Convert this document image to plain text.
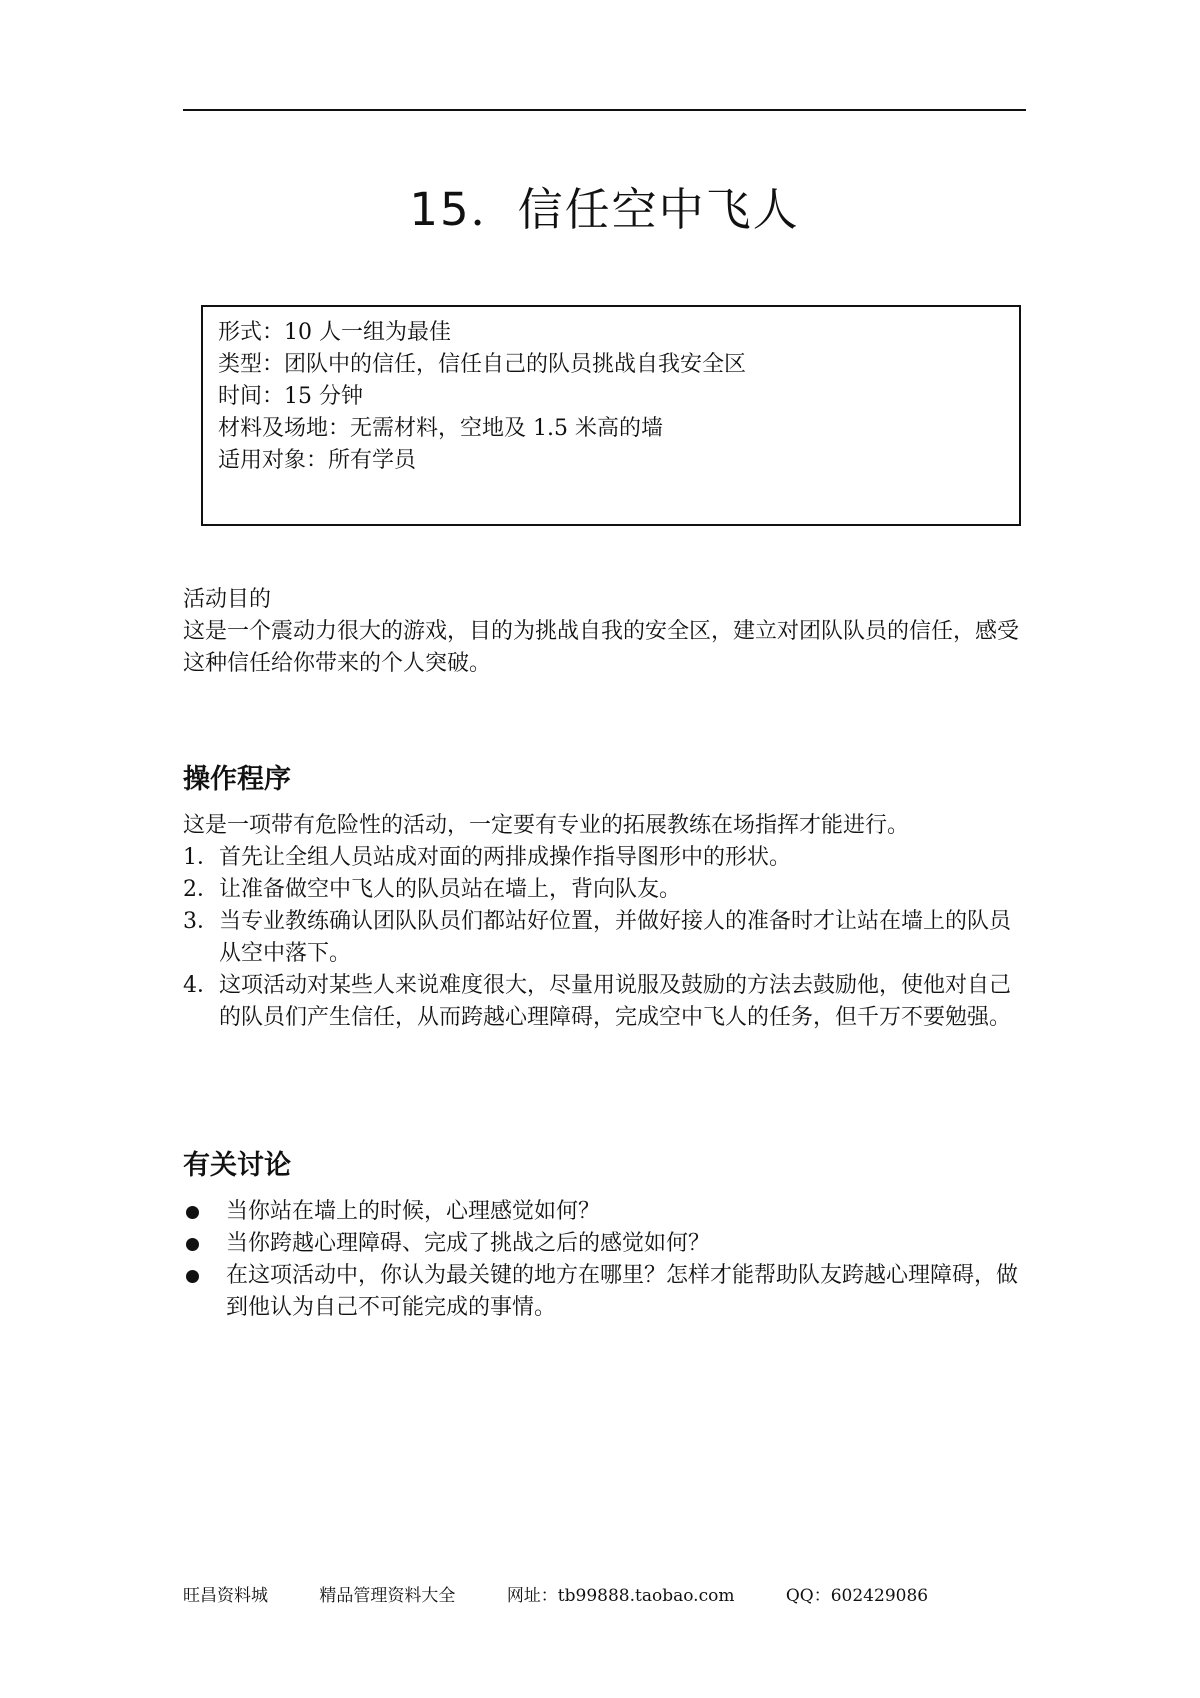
15．信任空中飞人
形式：10 人一组为最佳
类型：团队中的信任，信任自己的队员挑战自我安全区
时间：15 分钟
材料及场地：无需材料，空地及 1.5 米高的墙
适用对象：所有学员
活动目的
这是一个震动力很大的游戏，目的为挑战自我的安全区，建立对团队队员的信任，感受这种信任给你带来的个人突破。
操作程序
这是一项带有危险性的活动，一定要有专业的拓展教练在场指挥才能进行。
1． 首先让全组人员站成对面的两排成操作指导图形中的形状。
2． 让准备做空中飞人的队员站在墙上，背向队友。
3． 当专业教练确认团队队员们都站好位置，并做好接人的准备时才让站在墙上的队员从空中落下。
4． 这项活动对某些人来说难度很大，尽量用说服及鼓励的方法去鼓励他，使他对自己的队员们产生信任，从而跨越心理障碍，完成空中飞人的任务，但千万不要勉强。
有关讨论
当你站在墙上的时候，心理感觉如何？
当你跨越心理障碍、完成了挑战之后的感觉如何？
在这项活动中，你认为最关键的地方在哪里？怎样才能帮助队友跨越心理障碍，做到他认为自己不可能完成的事情。
旺昌资料城	精品管理资料大全	网址：tb99888.taobao.com	QQ：602429086
